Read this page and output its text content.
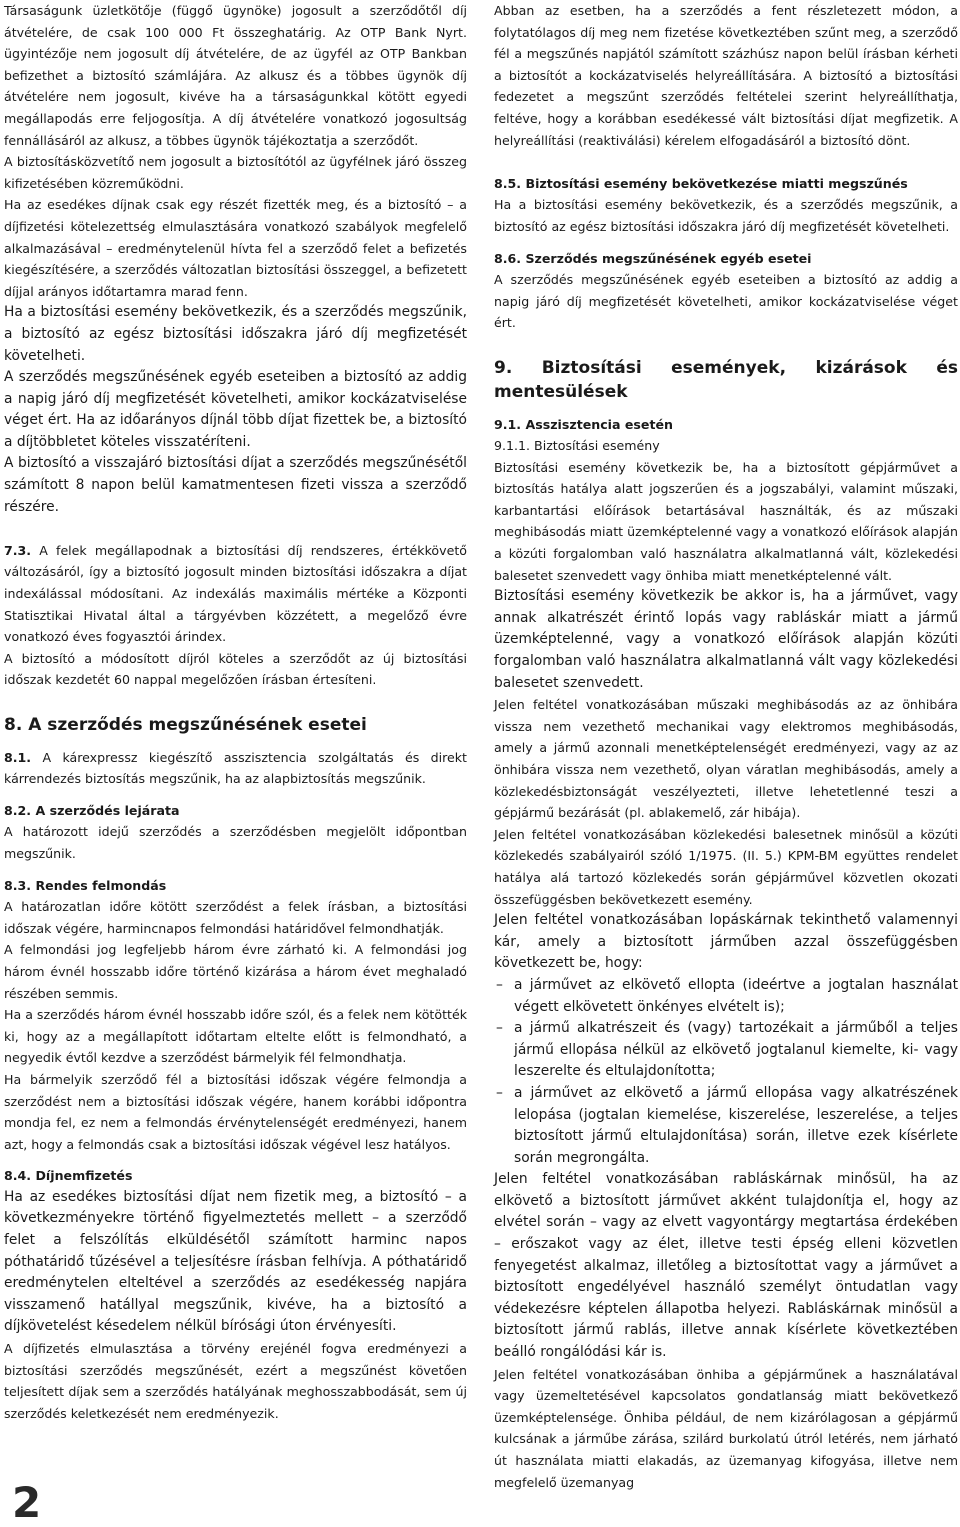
Társaságunk üzletkötője (függő ügynöke) jogosult a szerződőtől díj átvételére, de csak 100 000 Ft összeghatárig. Az OTP Bank Nyrt. ügyintézője nem jogosult díj átvételére, de az ügyfél az OTP Bankban befizethet a biztosító számlájára. Az alkusz és a többes ügynök díj átvételére nem jogosult, kivéve ha a társaságunkkal kötött egyedi megállapodás erre feljogosítja. A díj átvételére vonatkozó jogosultság fennállásáról az alkusz, a többes ügynök tájékoztatja a szerződőt.

A biztosításközvetítő nem jogosult a biztosítótól az ügyfélnek járó összeg kifizetésében közreműködni.

Ha az esedékes díjnak csak egy részét fizették meg, és a biztosító – a díjfizetési kötelezettség elmulasztására vonatkozó szabályok megfelelő alkalmazásával – eredménytelenül hívta fel a szerződő felet a befizetés kiegészítésére, a szerződés változatlan biztosítási összeggel, a befizetett díjjal arányos időtartamra marad fenn.

Ha a biztosítási esemény bekövetkezik, és a szerződés megszűnik, a biztosító az egész biztosítási időszakra járó díj megfizetését követelheti.

A szerződés megszűnésének egyéb eseteiben a biztosító az addig a napig járó díj megfizetését követelheti, amikor kockázatviselése véget ért. Ha az időarányos díjnál több díjat fizettek be, a biztosító a díjtöbbletet köteles visszatéríteni.

A biztosító a visszajáró biztosítási díjat a szerződés megszűnésétől számított 8 napon belül kamatmentesen fizeti vissza a szerződő részére.

7.3. A felek megállapodnak a biztosítási díj rendszeres, értékkövető változásáról, így a biztosító jogosult minden biztosítási időszakra a díjat indexálással módosítani. Az indexálás maximális mértéke a Központi Statisztikai Hivatal által a tárgyévben közzétett, a megelőző évre vonatkozó éves fogyasztói árindex.

A biztosító a módosított díjról köteles a szerződőt az új biztosítási időszak kezdetét 60 nappal megelőzően írásban értesíteni.

8. A szerződés megszűnésének esetei

8.1. A kárexpressz kiegészítő asszisztencia szolgáltatás és direkt kárrendezés biztosítás megszűnik, ha az alapbiztosítás megszűnik.

8.2. A szerződés lejárata

A határozott idejű szerződés a szerződésben megjelölt időpontban megszűnik.

8.3. Rendes felmondás

A határozatlan időre kötött szerződést a felek írásban, a biztosítási időszak végére, harmincnapos felmondási határidővel felmondhatják.

A felmondási jog legfeljebb három évre zárható ki. A felmondási jog három évnél hosszabb időre történő kizárása a három évet meghaladó részében semmis.

Ha a szerződés három évnél hosszabb időre szól, és a felek nem kötötték ki, hogy az a megállapított időtartam eltelte előtt is felmondható, a negyedik évtől kezdve a szerződést bármelyik fél felmondhatja.

Ha bármelyik szerződő fél a biztosítási időszak végére felmondja a szerződést nem a biztosítási időszak végére, hanem korábbi időpontra mondja fel, ez nem a felmondás érvénytelenségét eredményezi, hanem azt, hogy a felmondás csak a biztosítási időszak végével lesz hatályos.

8.4. Díjnemfizetés

Ha az esedékes biztosítási díjat nem fizetik meg, a biztosító – a következményekre történő figyelmeztetés mellett – a szerződő felet a felszólítás elküldésétől számított harminc napos póthatáridő tűzésével a teljesítésre írásban felhívja. A póthatáridő eredménytelen elteltével a szerződés az esedékesség napjára visszamenő hatállyal megszűnik, kivéve, ha a biztosító a díjkövetelést késedelem nélkül bírósági úton érvényesíti.

A díjfizetés elmulasztása a törvény erejénél fogva eredményezi a biztosítási szerződés megszűnését, ezért a megszűnést követően teljesített díjak sem a szerződés hatályának meghosszabbodását, sem új szerződés keletkezését nem eredményezik.

Abban az esetben, ha a szerződés a fent részletezett módon, a folytatólagos díj meg nem fizetése következtében szűnt meg, a szerződő fél a megszűnés napjától számított százhúsz napon belül írásban kérheti a biztosítót a kockázatviselés helyreállítására. A biztosító a biztosítási fedezetet a megszűnt szerződés feltételei szerint helyreállíthatja, feltéve, hogy a korábban esedékessé vált biztosítási díjat megfizetik. A helyreállítási (reaktiválási) kérelem elfogadásáról a biztosító dönt.

8.5. Biztosítási esemény bekövetkezése miatti megszűnés

Ha a biztosítási esemény bekövetkezik, és a szerződés megszűnik, a biztosító az egész biztosítási időszakra járó díj megfizetését követelheti.

8.6. Szerződés megszűnésének egyéb esetei

A szerződés megszűnésének egyéb eseteiben a biztosító az addig a napig járó díj megfizetését követelheti, amikor kockázatviselése véget ért.

9. Biztosítási események, kizárások és mentesülések
9.1. Asszisztencia esetén
9.1.1. Biztosítási esemény

Biztosítási esemény következik be, ha a biztosított gépjárművet a biztosítás hatálya alatt jogszerűen és a jogszabályi, valamint műszaki, karbantartási előírások betartásával használták, és az műszaki meghibásodás miatt üzemképtelenné vagy a vonatkozó előírások alapján a közúti forgalomban való használatra alkalmatlanná vált, közlekedési balesetet szenvedett vagy önhiba miatt menetképtelenné vált.

Biztosítási esemény következik be akkor is, ha a járművet, vagy annak alkatrészét érintő lopás vagy rabláskár miatt a jármű üzemképtelenné, vagy a vonatkozó előírások alapján közúti forgalomban való használatra alkalmatlanná vált vagy közlekedési balesetet szenvedett.

Jelen feltétel vonatkozásában műszaki meghibásodás az az önhibára vissza nem vezethető mechanikai vagy elektromos meghibásodás, amely a jármű azonnali menetképtelenségét eredményezi, vagy az az önhibára vissza nem vezethető, olyan váratlan meghibásodás, amely a közlekedésbiztonságát veszélyezteti, illetve lehetetlenné teszi a gépjármű bezárását (pl. ablakemelő, zár hibája).

Jelen feltétel vonatkozásában közlekedési balesetnek minősül a közúti közlekedés szabályairól szóló 1/1975. (II. 5.) KPM-BM együttes rendelet hatálya alá tartozó közlekedés során gépjárművel közvetlen okozati összefüggésben bekövetkezett esemény.

Jelen feltétel vonatkozásában lopáskárnak tekinthető valamennyi kár, amely a biztosított járműben azzal összefüggésben következett be, hogy:

– a járművet az elkövető ellopta (ideértve a jogtalan használat végett elkövetett önkényes elvételt is);
– a jármű alkatrészeit és (vagy) tartozékait a járműből a teljes jármű ellopása nélkül az elkövető jogtalanul kiemelte, ki- vagy leszerelte és eltulajdonította;
– a járművet az elkövető a jármű ellopása vagy alkatrészének lelopása (jogtalan kiemelése, kiszerelése, leszerelése, a teljes biztosított jármű eltulajdonítása) során, illetve ezek kísérlete során megrongálta.

Jelen feltétel vonatkozásában rabláskárnak minősül, ha az elkövető a biztosított járművet akként tulajdonítja el, hogy az elvétel során – vagy az elvett vagyontárgy megtartása érdekében – erőszakot vagy az élet, illetve testi épség elleni közvetlen fenyegetést alkalmaz, illetőleg a biztosítottat vagy a járművet a biztosított engedélyével használó személyt öntudatlan vagy védekezésre képtelen állapotba helyezi. Rabláskárnak minősül a biztosított jármű rablás, illetve annak kísérlete következtében beálló rongálódási kár is.

Jelen feltétel vonatkozásában önhiba a gépjárműnek a használatával vagy üzemeltetésével kapcsolatos gondatlanság miatt bekövetkező üzemképtelensége. Önhiba például, de nem kizárólagosan a gépjármű kulcsának a járműbe zárása, szilárd burkolatú útról letérés, nem járható út használata miatti elakadás, az üzemanyag kifogyása, illetve nem megfelelő üzemanyag

2
